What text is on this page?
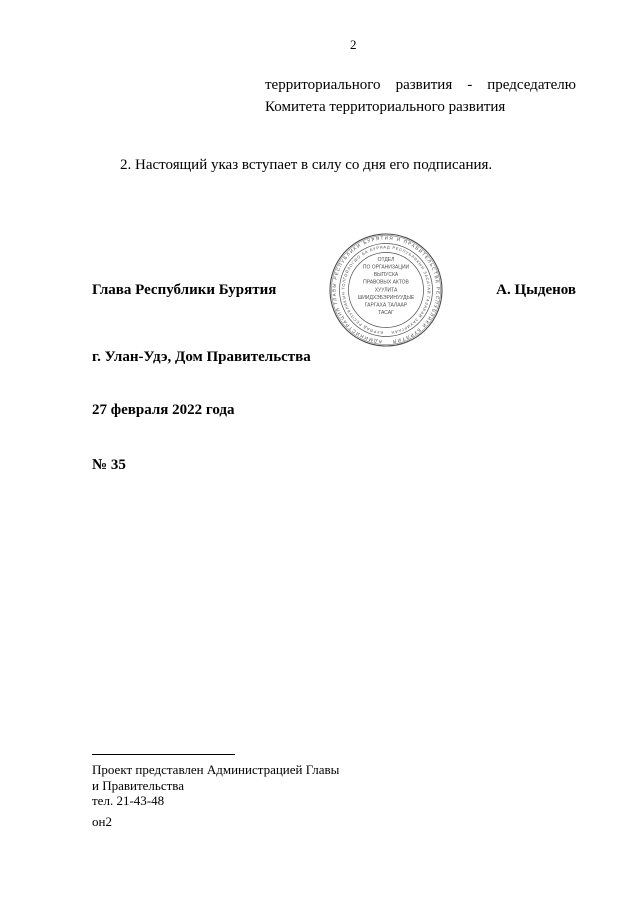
2
территориального развития - председателю
Комитета территориального развития
2. Настоящий указ вступает в силу со дня его подписания.
Глава Республики Бурятия
АДМИНИСТРАЦИЯ ГЛАВЫ РЕСПУБЛИКИ БУРЯТИЯ И ПРАВИТЕЛЬСТВА РЕСПУБЛИКИ БУРЯТИЯ
БУРЯАД РЕСПУБЛИКЫН ТОЛГОЙЛОГШО БА БУРЯАД РЕСПУБЛИКЫН ЗАСАГАЙ ГАЗАРАЙ ЗАХИРГААН
ОТДЕЛ
ПО ОРГАНИЗАЦИИ
ВЫПУСКА
ПРАВОВЫХ АКТОВ
ХУУЛИТА
ШИИДХЭБЭРИНУУДЫЕ
ГАРГАХА ТАЛААР
ТАСАГ
А. Цыденов
г. Улан-Удэ, Дом Правительства
27 февраля 2022 года
№ 35
Проект представлен Администрацией Главы
и Правительства
тел. 21-43-48
он2
